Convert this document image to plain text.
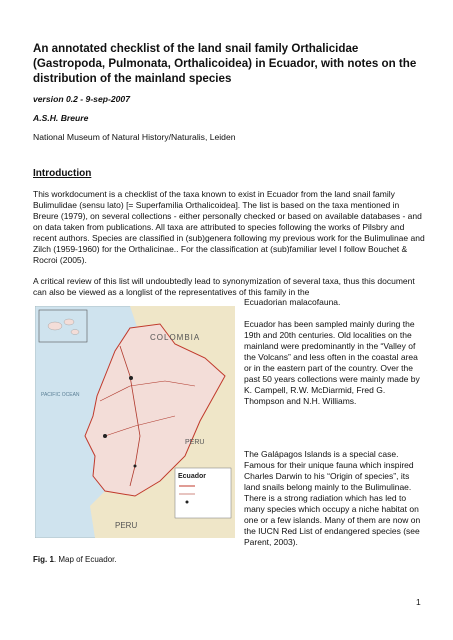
An annotated checklist of the land snail family Orthalicidae (Gastropoda, Pulmonata, Orthalicoidea) in Ecuador, with notes on the distribution of the mainland species
version 0.2 - 9-sep-2007
A.S.H. Breure
National Museum of Natural History/Naturalis, Leiden
Introduction

This workdocument is a checklist of the taxa known to exist in Ecuador from the land snail family Bulimulidae (sensu lato) [= Superfamilia Orthalicoidea]. The list is based on the taxa mentioned in Breure (1979), on several collections - either personally checked or based on available databases - and on data taken from publications. All taxa are attributed to species following the works of Pilsbry and recent authors. Species are classified in (sub)genera following my previous work for the Bulimulinae and Zilch (1959-1960) for the Orthalicinae.. For the classification at (sub)familiar level I follow Bouchet & Rocroi (2005).

A critical review of this list will undoubtedly lead to synonymization of several taxa, thus this document can also be viewed as a longlist of the representatives of this family in the

Ecuadorian malacofauna.

Ecuador has been sampled mainly during the 19th and 20th centuries. Old localities on the mainland were predominantly in the “Valley of the Volcans” and less often in the coastal area or in the eastern part of the country. Over the past 50 years collections were mainly made by K. Campell, R.W. McDiarmid, Fred G. Thompson and N.H. Williams.

The Galápagos Islands is a special case. Famous for their unique fauna which inspired Charles Darwin to his “Origin of species”, its land snails belong mainly to the Bulimulinae. There is a strong radiation which has led to many species which occupy a niche habitat on one or a few islands. Many of them are now on the IUCN Red List of endangered species (see Parent, 2003).

COLOMBIA
PERU
PERU
PACIFIC OCEAN
Ecuador
Fig. 1. Map of Ecuador.
1
